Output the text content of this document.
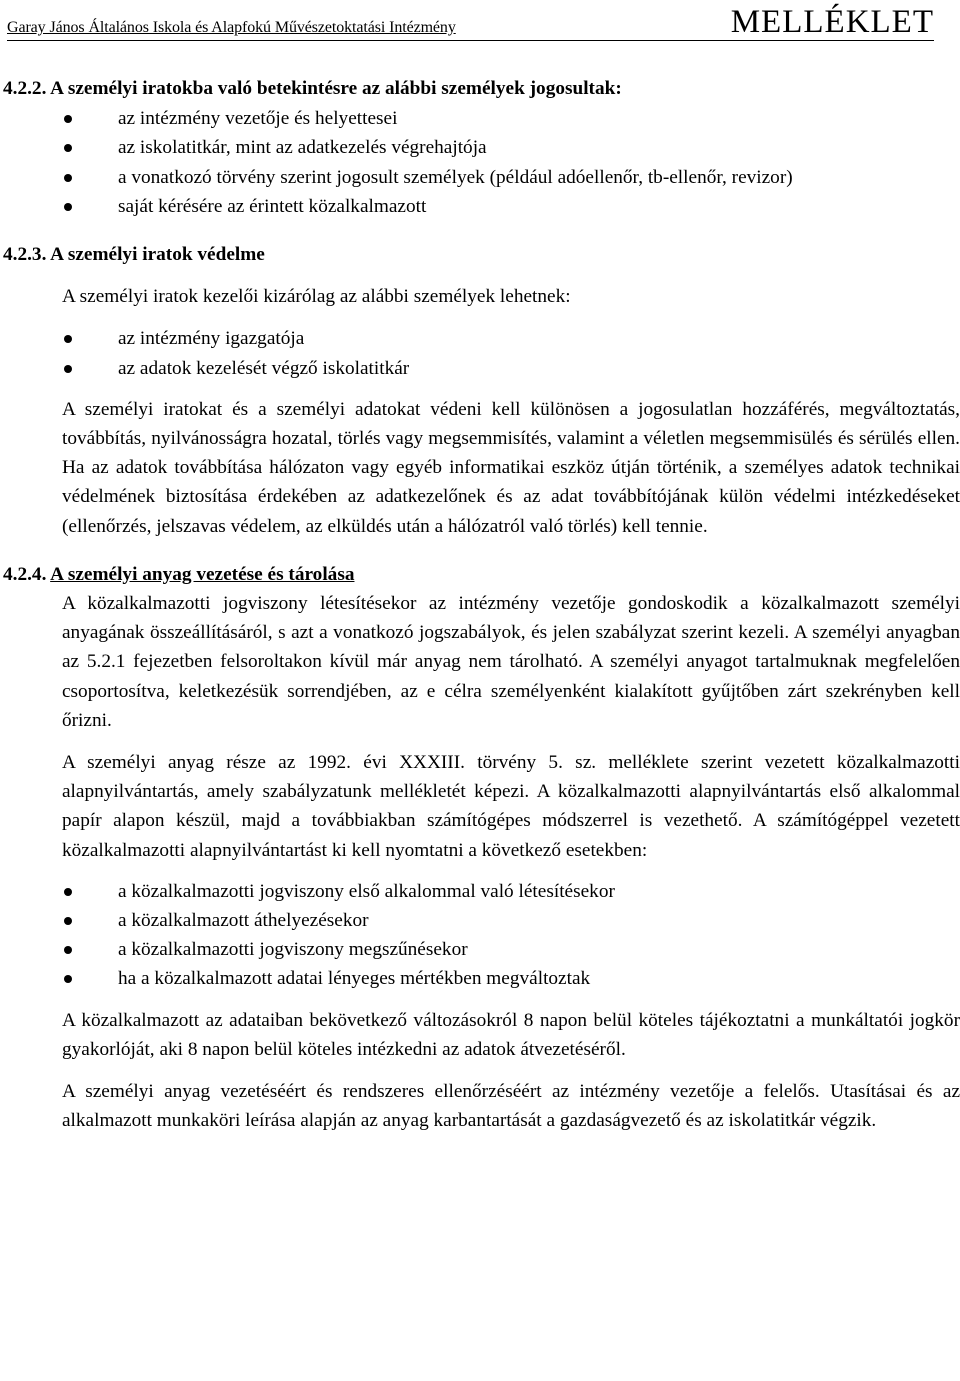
Garay János Általános Iskola és Alapfokú Művészetoktatási Intézmény	MELLÉKLET

4.2.2. A személyi iratokba való betekintésre az alábbi személyek jogosultak:

az intézmény vezetője és helyettesei
az iskolatitkár, mint az adatkezelés végrehajtója
a vonatkozó törvény szerint jogosult személyek (például adóellenőr, tb-ellenőr, revizor)
saját kérésére az érintett közalkalmazott

4.2.3. A személyi iratok védelme

A személyi iratok kezelői kizárólag az alábbi személyek lehetnek:

az intézmény igazgatója
az adatok kezelését végző iskolatitkár

A személyi iratokat és a személyi adatokat védeni kell különösen a jogosulatlan hozzáférés, megváltoztatás, továbbítás, nyilvánosságra hozatal, törlés vagy megsemmisítés, valamint a véletlen megsemmisülés és sérülés ellen. Ha az adatok továbbítása hálózaton vagy egyéb informatikai eszköz útján történik, a személyes adatok technikai védelmének biztosítása érdekében az adatkezelőnek és az adat továbbítójának külön védelmi intézkedéseket (ellenőrzés, jelszavas védelem, az elküldés után a hálózatról való törlés) kell tennie.

4.2.4. A személyi anyag vezetése és tárolása

A közalkalmazotti jogviszony létesítésekor az intézmény vezetője gondoskodik a közalkalmazott személyi anyagának összeállításáról, s azt a vonatkozó jogszabályok, és jelen szabályzat szerint kezeli. A személyi anyagban az 5.2.1 fejezetben felsoroltakon kívül már anyag nem tárolható. A személyi anyagot tartalmuknak megfelelően csoportosítva, keletkezésük sorrendjében, az e célra személyenként kialakított gyűjtőben zárt szekrényben kell őrizni.

A személyi anyag része az 1992. évi XXXIII. törvény 5. sz. melléklete szerint vezetett közalkalmazotti alapnyilvántartás, amely szabályzatunk mellékletét képezi. A közalkalmazotti alapnyilvántartás első alkalommal papír alapon készül, majd a továbbiakban számítógépes módszerrel is vezethető. A számítógéppel vezetett közalkalmazotti alapnyilvántartást ki kell nyomtatni a következő esetekben:

a közalkalmazotti jogviszony első alkalommal való létesítésekor
a közalkalmazott áthelyezésekor
a közalkalmazotti jogviszony megszűnésekor
ha a közalkalmazott adatai lényeges mértékben megváltoztak

A közalkalmazott az adataiban bekövetkező változásokról 8 napon belül köteles tájékoztatni a munkáltatói jogkör gyakorlóját, aki 8 napon belül köteles intézkedni az adatok átvezetéséről.

A személyi anyag vezetéséért és rendszeres ellenőrzéséért az intézmény vezetője a felelős. Utasításai és az alkalmazott munkaköri leírása alapján az anyag karbantartását a gazdaságvezető és az iskolatitkár végzik.
